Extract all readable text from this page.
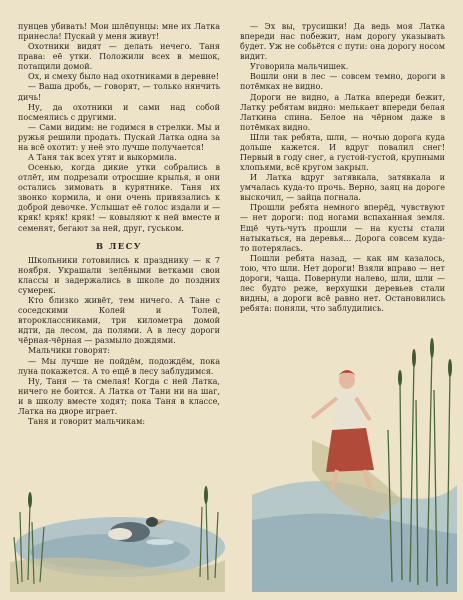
пунцев убивать! Мои шлёпунцы: мне их Латка принесла! Пускай у меня живут!

Охотники видят — делать нечего. Таня права: её утки. Положили всех в мешок, потащили домой.

Ох, и смеху было над охотниками в деревне!

— Ваша дробь, — говорят, — только нянчить дичь!

Ну, да охотники и сами над собой посмеялись с другими.

— Сами видим: не годимся в стрелки. Мы и ружья решили продать. Пускай Латка одна за на всё охотит: у неё это лучше получается!

А Таня так всех утят и выкормила.

Осенью, когда дикие утки собрались в отлёт, им подрезали отросшие крылья, и они остались зимовать в курятнике. Таня их звонко кормила, и они очень привязались к доброй девочке. Услышат её голос издали и — кряк! кряк! кряк! — ковыляют к ней вместе и семенят, бегают за ней, друг, гуськом.

В ЛЕСУ

Школьники готовились к празднику — к 7 ноября. Украшали зелёными ветками свои классы и задержались в школе до поздних сумерек.

Кто близко живёт, тем ничего. А Тане с соседскими Колей и Толей, второклассниками, три километра домой идти, да лесом, да полями. А в лесу дороги чёрная-чёрная — размыло дождями.

Мальчики говорят:

— Мы лучше не пойдём, подождём, пока луна покажется. А то ещё в лесу заблудимся.

Ну, Таня — та смелая! Когда с ней Латка, ничего не боится. А Латка от Тани ни на шаг, и в школу вместе ходят; пока Таня в классе, Латка на дворе играет.

Таня и говорит мальчикам:

— Эх вы, трусишки! Да ведь моя Латка впереди нас побежит, нам дорогу указывать будет. Уж не собьётся с пути: она дорогу носом видит.

Уговорила мальчишек.

Вошли они в лес — совсем темно, дороги в потёмках не видно.

Дороги не видно, а Латка впереди бежит, Латку ребятам видно: мелькает впереди белая Латкина спина. Белое на чёрном даже в потёмках видно.

Шли так ребята, шли, — ночью дорога куда дольше кажется. И вдруг повалил снег! Первый в году снег, а густой-густой, крупными хлопьями, всё кругом закрыл.

И Латка вдруг затявкала, затявкала и умчалась куда-то прочь. Верно, заяц на дороге выскочил, — зайца погнала.

Прошли ребята немного вперёд, чувствуют — нет дороги: под ногами вспаханная земля. Ещё чуть-чуть прошли — на кусты стали натыкаться, на деревья... Дорога совсем куда-то потерялась.

Пошли ребята назад, — как им казалось, тою, что шли. Нет дороги! Взяли вправо — нет дороги, чаща. Повернули налево, шли, шли — лес будто реже, верхушки деревьев стали видны, а дороги всё равно нет. Остановились ребята: поняли, что заблудились.
